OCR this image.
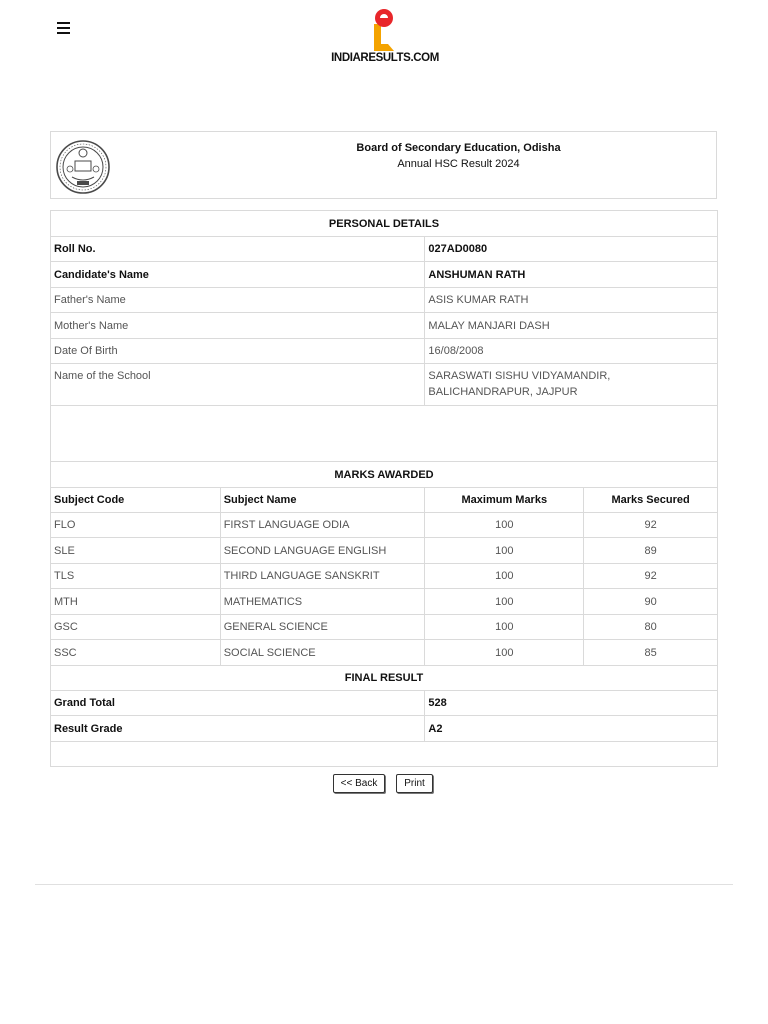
INDIARESULTS.COM
Board of Secondary Education, Odisha
Annual HSC Result 2024
PERSONAL DETAILS			
Roll No.		027AD0080	
Candidate's Name		ANSHUMAN RATH	
Father's Name		ASIS KUMAR RATH	
Mother's Name		MALAY MANJARI DASH	
Date Of Birth		16/08/2008	
Name of the School		SARASWATI SISHU VIDYAMANDIR, BALICHANDRAPUR, JAJPUR	

MARKS AWARDED			
Subject Code	Subject Name	Maximum Marks	Marks Secured
FLO	FIRST LANGUAGE ODIA	100	92
SLE	SECOND LANGUAGE ENGLISH	100	89
TLS	THIRD LANGUAGE SANSKRIT	100	92
MTH	MATHEMATICS	100	90
GSC	GENERAL SCIENCE	100	80
SSC	SOCIAL SCIENCE	100	85
FINAL RESULT			
Grand Total		528	
Result Grade		A2	

<< Back	Print
